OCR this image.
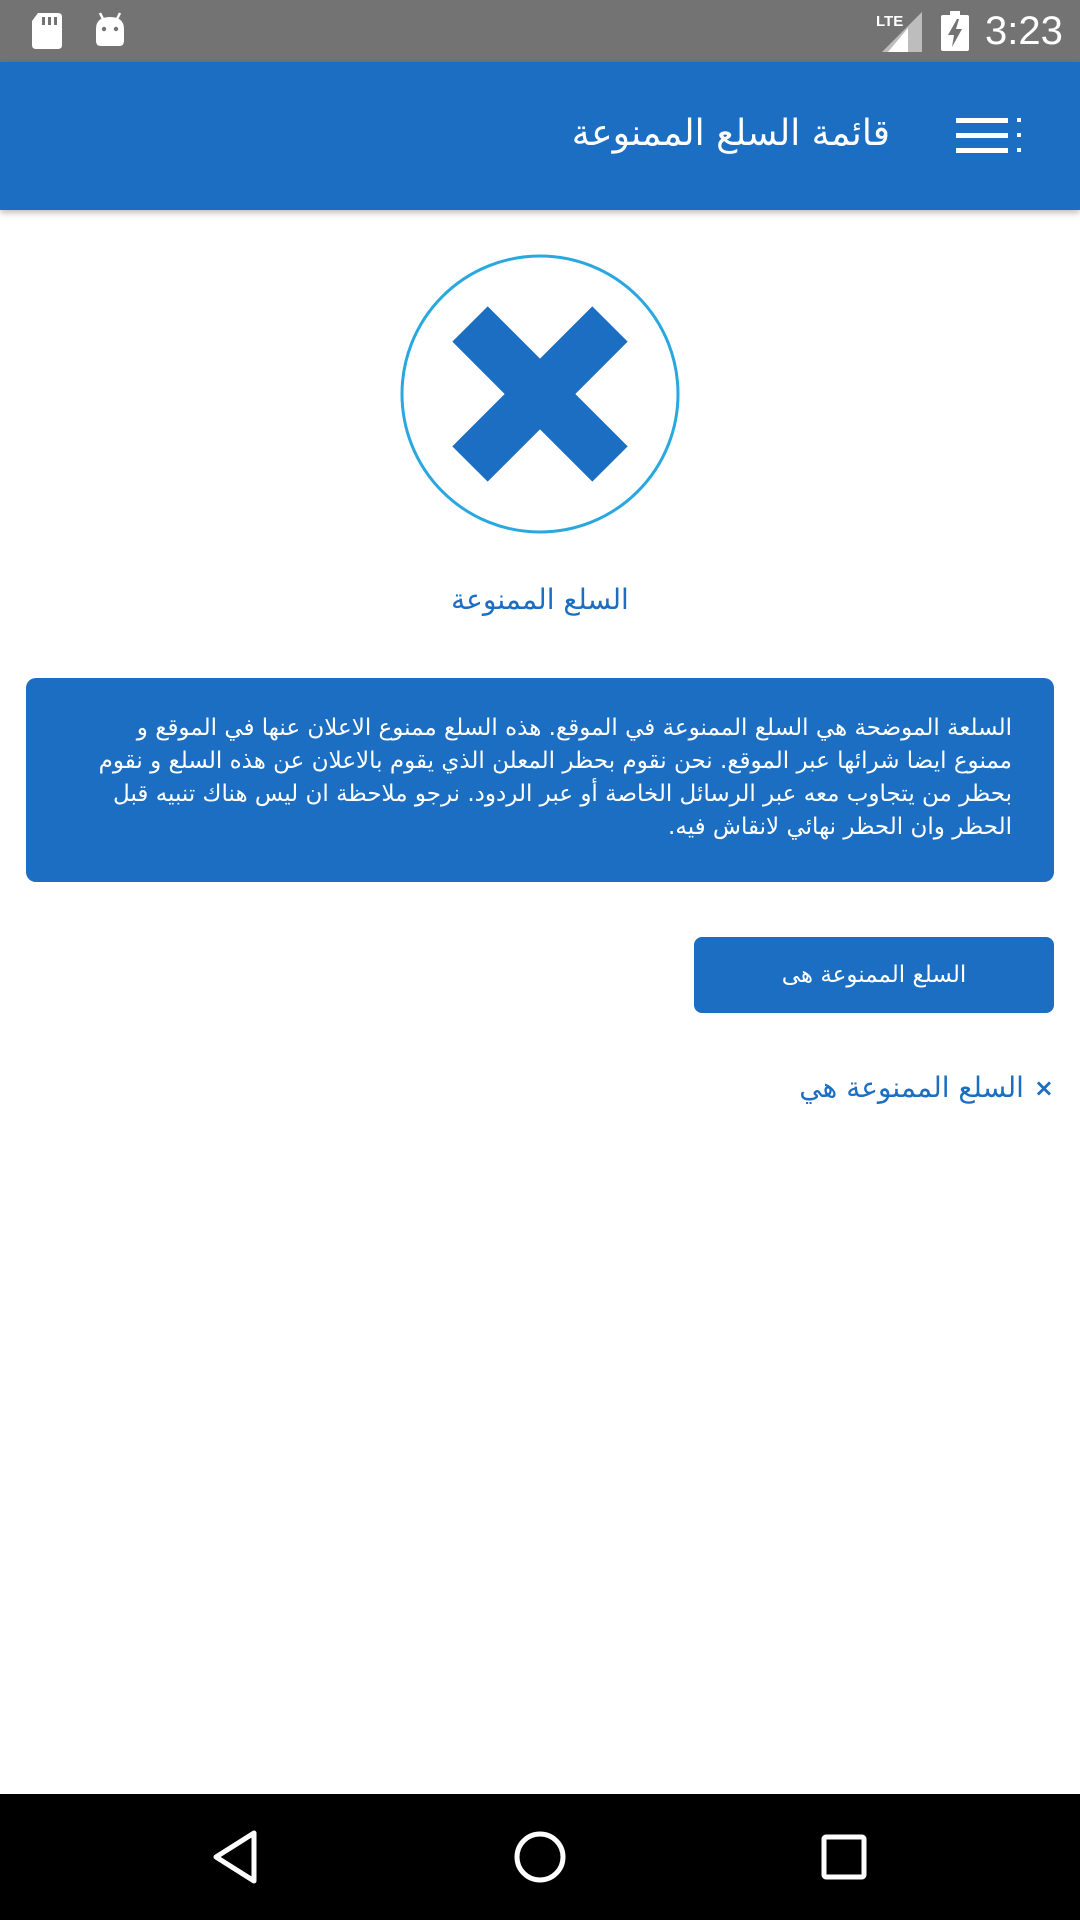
LTE 3:23
قائمة السلع الممنوعة
السلع الممنوعة

السلعة الموضحة هي السلع الممنوعة في الموقع. هذه السلع ممنوع الاعلان عنها في الموقع و ممنوع ايضا شرائها عبر الموقع. نحن نقوم بحظر المعلن الذي يقوم بالاعلان عن هذه السلع و نقوم بحظر من يتجاوب معه عبر الرسائل الخاصة أو عبر الردود. نرجو ملاحظة ان ليس هناك تنبيه قبل الحظر وان الحظر نهائي لانقاش فيه.

السلع الممنوعة هى
×
السلع الممنوعة هي
